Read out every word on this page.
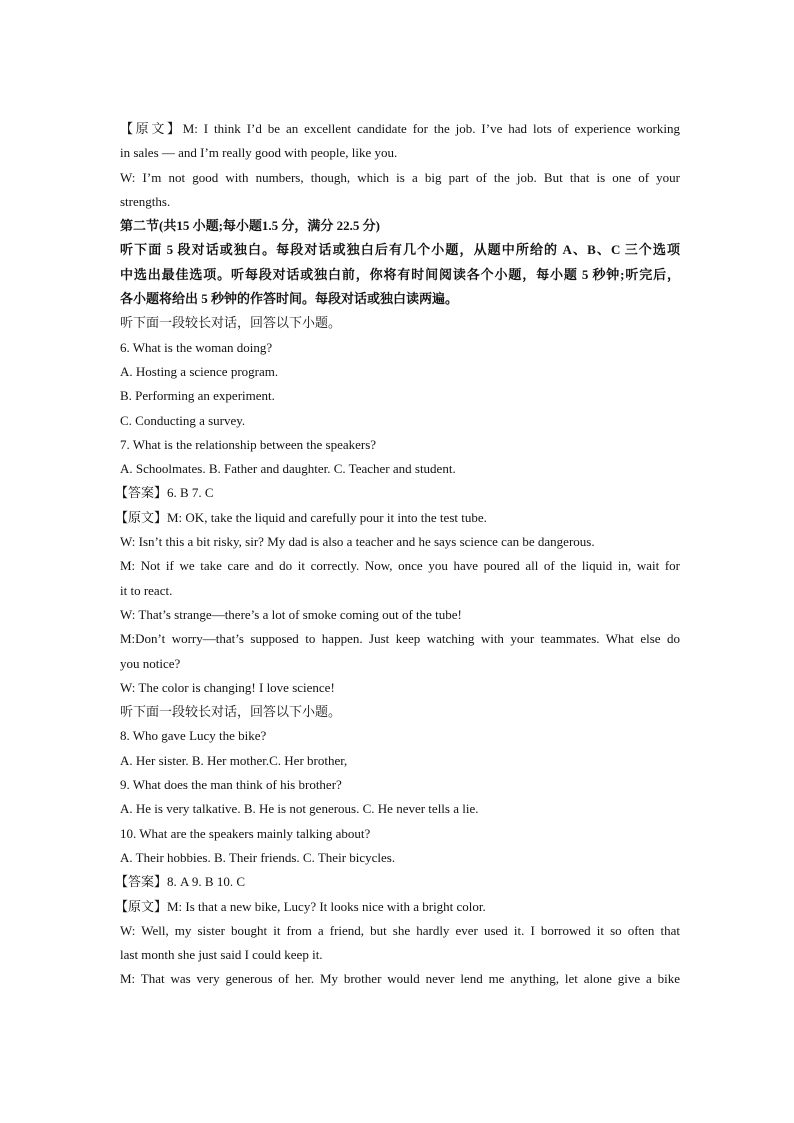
【原文】M: I think I’d be an excellent candidate for the job. I’ve had lots of experience working
in sales — and I’m really good with people, like you.
W: I’m not good with numbers, though, which is a big part of the job. But that is one of your
strengths.
第二节(共15 小题;每小题1.5 分，满分 22.5 分)
听下面 5 段对话或独白。每段对话或独白后有几个小题，从题中所给的 A、B、C 三个选项
中选出最佳选项。听每段对话或独白前，你将有时间阅读各个小题，每小题 5 秒钟;听完后，
各小题将给出 5 秒钟的作答时间。每段对话或独白读两遍。
听下面一段较长对话，回答以下小题。
6. What is the woman doing?
A. Hosting a science program.
B. Performing an experiment.
C. Conducting a survey.
7. What is the relationship between the speakers?
A. Schoolmates. B. Father and daughter. C. Teacher and student.
【答案】6. B 7. C
【原文】M: OK, take the liquid and carefully pour it into the test tube.
W: Isn’t this a bit risky, sir? My dad is also a teacher and he says science can be dangerous.
M: Not if we take care and do it correctly. Now, once you have poured all of the liquid in, wait for
it to react.
W: That’s strange—there’s a lot of smoke coming out of the tube!
M:Don’t worry—that’s supposed to happen. Just keep watching with your teammates. What else do
you notice?
W: The color is changing! I love science!
听下面一段较长对话，回答以下小题。
8. Who gave Lucy the bike?
A. Her sister. B. Her mother.C. Her brother,
9. What does the man think of his brother?
A. He is very talkative. B. He is not generous. C. He never tells a lie.
10. What are the speakers mainly talking about?
A. Their hobbies. B. Their friends. C. Their bicycles.
【答案】8. A 9. B 10. C
【原文】M: Is that a new bike, Lucy? It looks nice with a bright color.
W: Well, my sister bought it from a friend, but she hardly ever used it. I borrowed it so often that
last month she just said I could keep it.
M: That was very generous of her. My brother would never lend me anything, let alone give a bike
